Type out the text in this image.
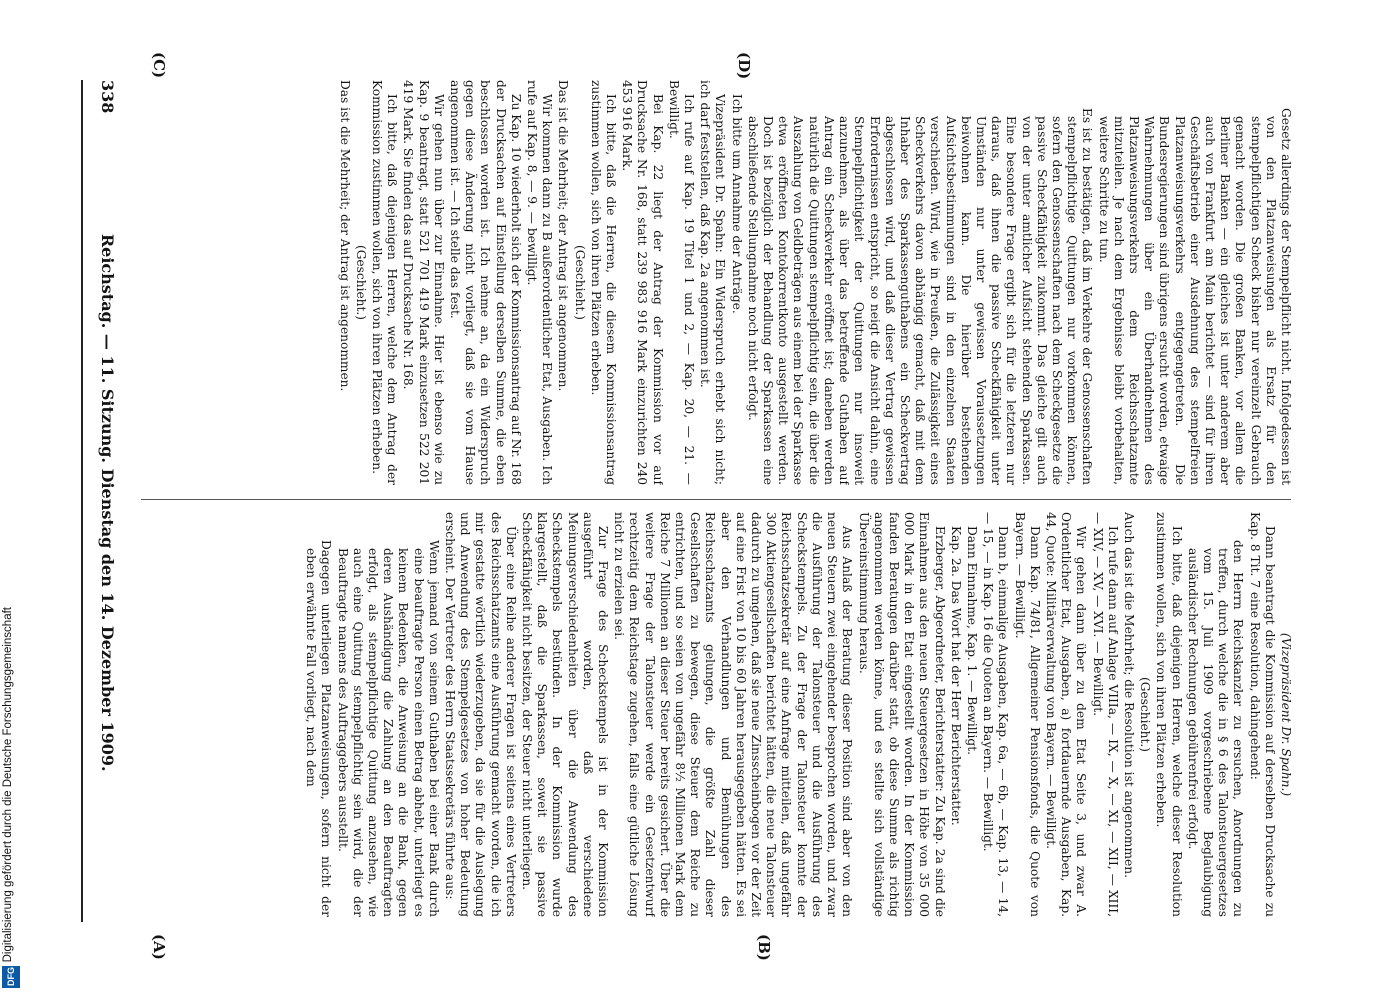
338
Reichstag. — 11. Sitzung. Dienstag den 14. Dezember 1909.
(A)	(B)
(C)	(D)

(Vizepräsident Dr. Spahn.)

Dann beantragt die Kommission auf derselben Drucksache zu Kap. 8 Tit. 7 eine Resolution, dahingehend:

den Herrn Reichskanzler zu ersuchen, Anordnungen zu treffen, durch welche die in § 6 des Talonsteuergesetzes vom 15. Juli 1909 vorgeschriebene Beglaubigung ausländischer Rechnungen gebührenfrei erfolgt.

Ich bitte, daß diejenigen Herren, welche dieser Resolution zustimmen wollen, sich von ihren Plätzen erheben.

(Geschieht.)

Auch das ist die Mehrheit; die Resolution ist angenommen.

Ich rufe dann auf Anlage VIIIa, — IX, — X, — XI, — XII, — XIII, — XIV, — XV, — XVI. — Bewilligt.

Wir gehen dann über zu dem Etat Seite 3, und zwar A. Ordentlicher Etat, Ausgaben, a) fortdauernde Ausgaben, Kap. 44, Quote: Militärverwaltung von Bayern. — Bewilligt.

Dann Kap. 74/81, Allgemeiner Pensionsfonds, die Quote von Bayern. — Bewilligt.

Dann b, einmalige Ausgaben, Kap. 6a, — 6b, — Kap. 13, — 14, — 15, — in Kap. 16 die Quoten an Bayern. — Bewilligt.

Dann Einnahme, Kap. 1. — Bewilligt.

Kap. 2a. Das Wort hat der Herr Berichterstatter.

Erzberger, Abgeordneter, Berichterstatter: Zu Kap. 2a sind die Einnahmen aus den neuen Steuergesetzen in Höhe von 35 000 000 Mark in den Etat eingestellt worden. In der Kommission fanden Beratungen darüber statt, ob diese Summe als richtig angenommen werden könne, und es stellte sich vollständige Übereinstimmung heraus.

Aus Anlaß der Beratung dieser Position sind aber von den neuen Steuern zwei eingehender besprochen worden, und zwar die Ausführung der Talonsteuer und die Ausführung des Scheckstempels. Zu der Frage der Talonsteuer konnte der Reichsschatzsekretär auf eine Anfrage mitteilen, daß ungefähr 300 Aktiengesellschaften berichtet hätten, die neue Talonsteuer dadurch zu umgehen, daß sie neue Zinsscheinbogen vor der Zeit auf eine Frist von 10 bis 60 Jahren herausgegeben hätten. Es sei aber den Verhandlungen und Bemühungen des Reichsschatzamts gelungen, die größte Zahl dieser Gesellschaften zu bewegen, diese Steuer dem Reiche zu entrichten, und so seien von ungefähr 8½ Millionen Mark dem Reiche 7 Millionen an dieser Steuer bereits gesichert. Über die weitere Frage der Talonsteuer werde ein Gesetzentwurf rechtzeitig dem Reichstage zugehen, falls eine gütliche Lösung nicht zu erzielen sei.

Zur Frage des Scheckstempels ist in der Kommission ausgeführt worden, daß verschiedene Meinungsverschiedenheiten über die Anwendung des Scheckstempels bestünden. In der Kommission wurde klargestellt, daß die Sparkassen, soweit sie passive Scheckfähigkeit nicht besitzen, der Steuer nicht unterliegen.

Über eine Reihe anderer Fragen ist seitens eines Vertreters des Reichsschatzamts eine Ausführung gemacht worden, die ich mir gestatte wörtlich wiederzugeben, da sie für die Auslegung und Anwendung des Stempelgesetzes von hoher Bedeutung erscheint. Der Vertreter des Herrn Staatssekretärs führte aus:

Wenn jemand von seinem Guthaben bei einer Bank durch eine beauftragte Person einen Betrag abhebt, unterliegt es keinem Bedenken, die Anweisung an die Bank, gegen deren Aushändigung die Zahlung an den Beauftragten erfolgt, als stempelpflichtige Quittung anzusehen, wie auch eine Quittung stempelpflichtig sein wird, die der Beauftragte namens des Auftraggebers ausstellt.

Dagegen unterliegen Platzanweisungen, sofern nicht der eben erwähnte Fall vorliegt, nach dem

Gesetz allerdings der Stempelpflicht nicht. Infolgedessen ist von den Platzanweisungen als Ersatz für den stempelpflichtigen Scheck bisher nur vereinzelt Gebrauch gemacht worden. Die großen Banken, vor allem die Berliner Banken — ein gleiches ist unter anderem aber auch von Frankfurt am Main berichtet — sind für ihren Geschäftsbetrieb einer Ausdehnung des stempelfreien Platzanweisungsverkehrs entgegengetreten. Die Bundesregierungen sind übrigens ersucht worden, etwaige Wahrnehmungen über ein Überhandnehmen des Platzanweisungsverkehrs dem Reichsschatzamte mitzuteilen. Je nach dem Ergebnisse bleibt vorbehalten, weitere Schritte zu tun.

Es ist zu bestätigen, daß im Verkehre der Genossenschaften stempelpflichtige Quittungen nur vorkommen können, sofern den Genossenschaften nach dem Scheckgesetze die passive Scheckfähigkeit zukommt. Das gleiche gilt auch von der unter amtlicher Aufsicht stehenden Sparkassen. Eine besondere Frage ergibt sich für die letzteren nur daraus, daß ihnen die passive Scheckfähigkeit unter Umständen nur unter gewissen Voraussetzungen beiwohnen kann. Die hierüber bestehenden Aufsichtsbestimmungen sind in den einzelnen Staaten verschieden. Wird, wie in Preußen, die Zulässigkeit eines Scheckverkehrs davon abhängig gemacht, daß mit dem Inhaber des Sparkassenguthabens ein Scheckvertrag abgeschlossen wird, und daß dieser Vertrag gewissen Erfordernissen entspricht, so neigt die Ansicht dahin, eine Stempelpflichtigkeit der Quittungen nur insoweit anzunehmen, als über das betreffende Guthaben auf Antrag ein Scheckverkehr eröffnet ist; daneben werden natürlich die Quittungen stempelpflichtig sein, die über die Auszahlung von Geldbeträgen aus einem bei der Sparkasse etwa eröffneten Kontokorrentkonto ausgestellt werden. Doch ist bezüglich der Behandlung der Sparkassen eine abschließende Stellungnahme noch nicht erfolgt.

Ich bitte um Annahme der Anträge.

Vizepräsident Dr. Spahn: Ein Widerspruch erhebt sich nicht; ich darf feststellen, daß Kap. 2a angenommen ist.

Ich rufe auf Kap. 19 Titel 1 und 2, — Kap. 20, — 21. — Bewilligt.

Bei Kap. 22 liegt der Antrag der Kommission vor auf Drucksache Nr. 168, statt 239 983 916 Mark einzurichten 240 453 916 Mark.

Ich bitte, daß die Herren, die diesem Kommissionsantrag zustimmen wollen, sich von ihren Plätzen erheben.

(Geschieht.)

Das ist die Mehrheit; der Antrag ist angenommen.

Wir kommen dann zu B außerordentlicher Etat, Ausgaben. Ich rufe auf Kap. 8, — 9. — bewilligt.

Zu Kap. 10 wiederholt sich der Kommissionsantrag auf Nr. 168 der Drucksachen auf Einstellung derselben Summe, die eben beschlossen worden ist. Ich nehme an, da ein Widerspruch gegen diese Änderung nicht vorliegt, daß sie vom Hause angenommen ist. — Ich stelle das fest.

Wir gehen nun über zur Einnahme. Hier ist ebenso wie zu Kap. 9 beantragt, statt 521 701 419 Mark einzusetzen 522 201 419 Mark. Sie finden das auf Drucksache Nr. 168.

Ich bitte, daß diejenigen Herren, welche dem Antrag der Kommission zustimmen wollen, sich von ihren Plätzen erheben.

(Geschieht.)

Das ist die Mehrheit; der Antrag ist angenommen.

Digitalisierung gefördert durch die Deutsche Forschungsgemeinschaft
DFG
